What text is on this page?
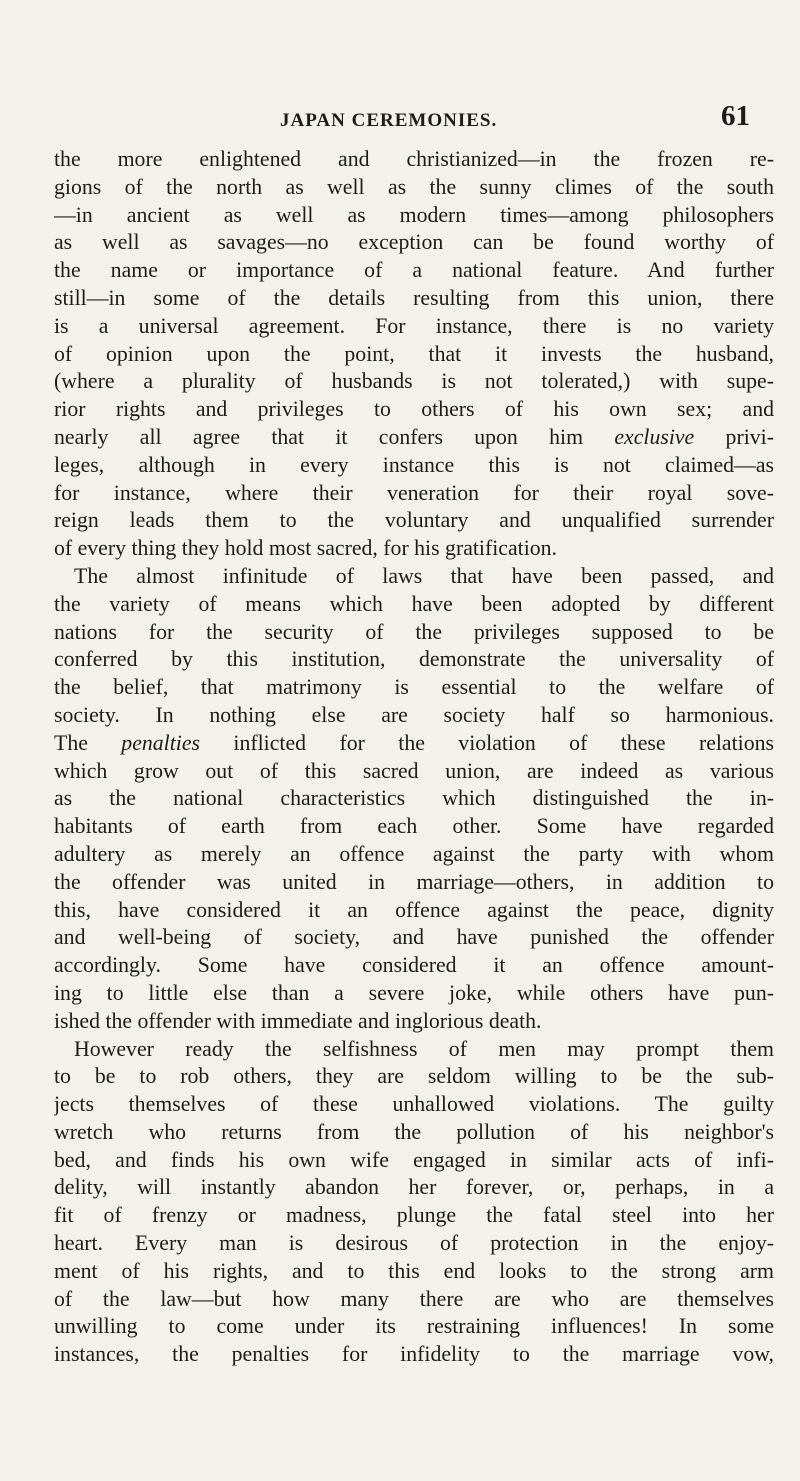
JAPAN CEREMONIES.	61
the more enlightened and christianized—in the frozen re-
gions of the north as well as the sunny climes of the south
—in ancient as well as modern times—among philosophers
as well as savages—no exception can be found worthy of
the name or importance of a national feature. And further
still—in some of the details resulting from this union, there
is a universal agreement. For instance, there is no variety
of opinion upon the point, that it invests the husband,
(where a plurality of husbands is not tolerated,) with supe-
rior rights and privileges to others of his own sex; and
nearly all agree that it confers upon him exclusive privi-
leges, although in every instance this is not claimed—as
for instance, where their veneration for their royal sove-
reign leads them to the voluntary and unqualified surrender
of every thing they hold most sacred, for his gratification.
The almost infinitude of laws that have been passed, and
the variety of means which have been adopted by different
nations for the security of the privileges supposed to be
conferred by this institution, demonstrate the universality of
the belief, that matrimony is essential to the welfare of
society. In nothing else are society half so harmonious.
The penalties inflicted for the violation of these relations
which grow out of this sacred union, are indeed as various
as the national characteristics which distinguished the in-
habitants of earth from each other. Some have regarded
adultery as merely an offence against the party with whom
the offender was united in marriage—others, in addition to
this, have considered it an offence against the peace, dignity
and well-being of society, and have punished the offender
accordingly. Some have considered it an offence amount-
ing to little else than a severe joke, while others have pun-
ished the offender with immediate and inglorious death.
However ready the selfishness of men may prompt them
to be to rob others, they are seldom willing to be the sub-
jects themselves of these unhallowed violations. The guilty
wretch who returns from the pollution of his neighbor's
bed, and finds his own wife engaged in similar acts of infi-
delity, will instantly abandon her forever, or, perhaps, in a
fit of frenzy or madness, plunge the fatal steel into her
heart. Every man is desirous of protection in the enjoy-
ment of his rights, and to this end looks to the strong arm
of the law—but how many there are who are themselves
unwilling to come under its restraining influences! In some
instances, the penalties for infidelity to the marriage vow,
